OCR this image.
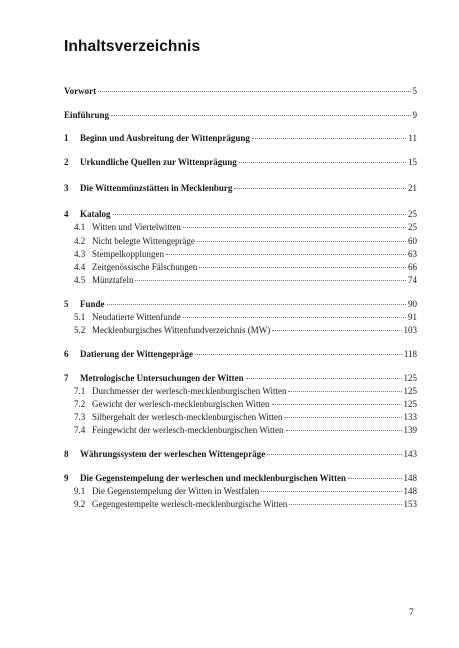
Inhaltsverzeichnis
Vorwort	5
Einführung	9
1	Beginn und Ausbreitung der Wittenprägung	11
2	Urkundliche Quellen zur Wittenprägung	15
3	Die Wittenmünzstätten in Mecklenburg	21
4	Katalog	25
4.1 Witten und Viertelwitten	25
4.2 Nicht belegte Wittengepräge	60
4.3 Stempelkopplungen	63
4.4 Zeitgenössische Fälschungen	66
4.5 Münztafeln	74
5	Funde	90
5.1 Neudatierte Wittenfunde	91
5.2 Mecklenburgisches Wittenfundverzeichnis (MW)	103
6	Datierung der Wittengepräge	118
7	Metrologische Untersuchungen der Witten	125
7.1 Durchmesser der werlesch-mecklenburgischen Witten	125
7.2 Gewicht der werlesch-mecklenburgischen Witten	125
7.3 Silbergehalt der werlesch-mecklenburgischen Witten	133
7.4 Feingewicht der werlesch-mecklenburgischen Witten	139
8	Währungssystem der werleschen Wittengepräge	143
9	Die Gegenstempelung der werleschen und mecklenburgischen Witten	148
9.1 Die Gegenstempelung der Witten in Westfalen	148
9.2 Gegengestempelte werlesch-mecklenburgische Witten	153
7
